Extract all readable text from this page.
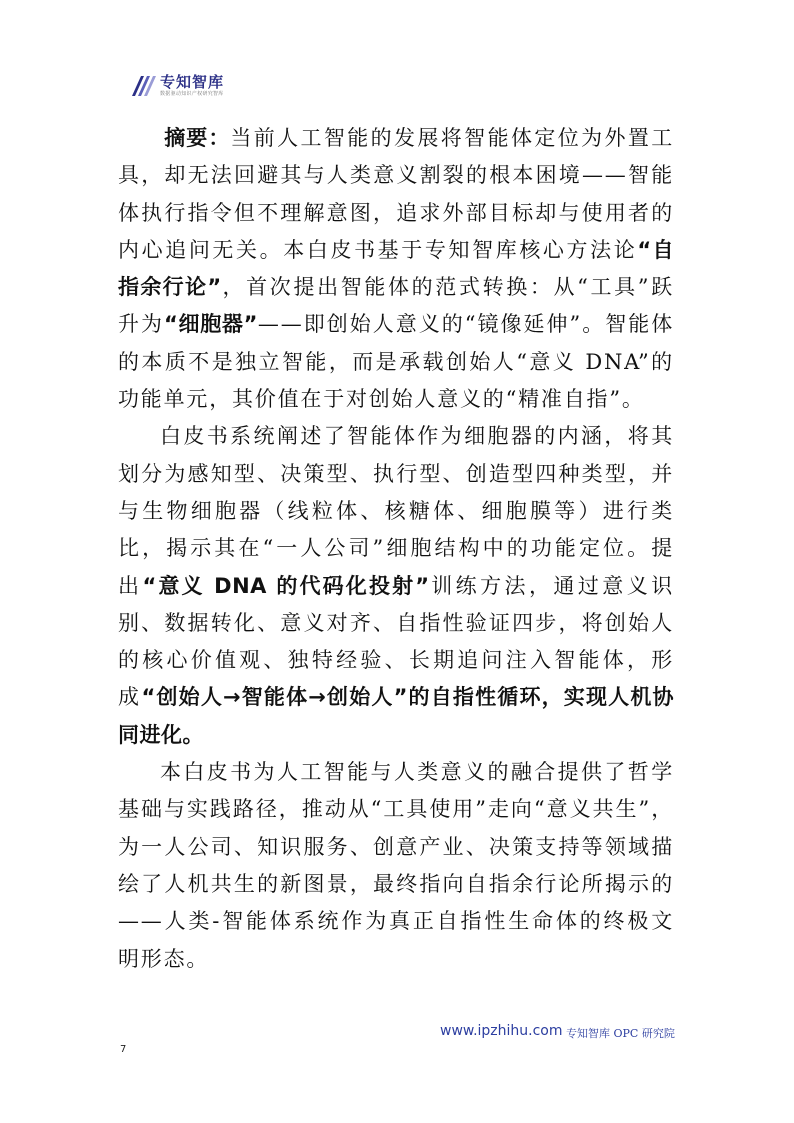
专知智库
数据驱动知识产权研究智库

摘要：当前人工智能的发展将智能体定位为外置工具，却无法回避其与人类意义割裂的根本困境——智能体执行指令但不理解意图，追求外部目标却与使用者的内心追问无关。本白皮书基于专知智库核心方法论“自指余行论”，首次提出智能体的范式转换：从“工具”跃升为“细胞器”——即创始人意义的“镜像延伸”。智能体的本质不是独立智能，而是承载创始人“意义 DNA”的功能单元，其价值在于对创始人意义的“精准自指”。

白皮书系统阐述了智能体作为细胞器的内涵，将其划分为感知型、决策型、执行型、创造型四种类型，并与生物细胞器（线粒体、核糖体、细胞膜等）进行类比，揭示其在“一人公司”细胞结构中的功能定位。提出“意义 DNA 的代码化投射”训练方法，通过意义识别、数据转化、意义对齐、自指性验证四步，将创始人的核心价值观、独特经验、长期追问注入智能体，形成“创始人→智能体→创始人”的自指性循环，实现人机协同进化。

本白皮书为人工智能与人类意义的融合提供了哲学基础与实践路径，推动从“工具使用”走向“意义共生”，为一人公司、知识服务、创意产业、决策支持等领域描绘了人机共生的新图景，最终指向自指余行论所揭示的——人类-智能体系统作为真正自指性生命体的终极文明形态。

www.ipzhihu.com 专知智库 OPC 研究院
7
